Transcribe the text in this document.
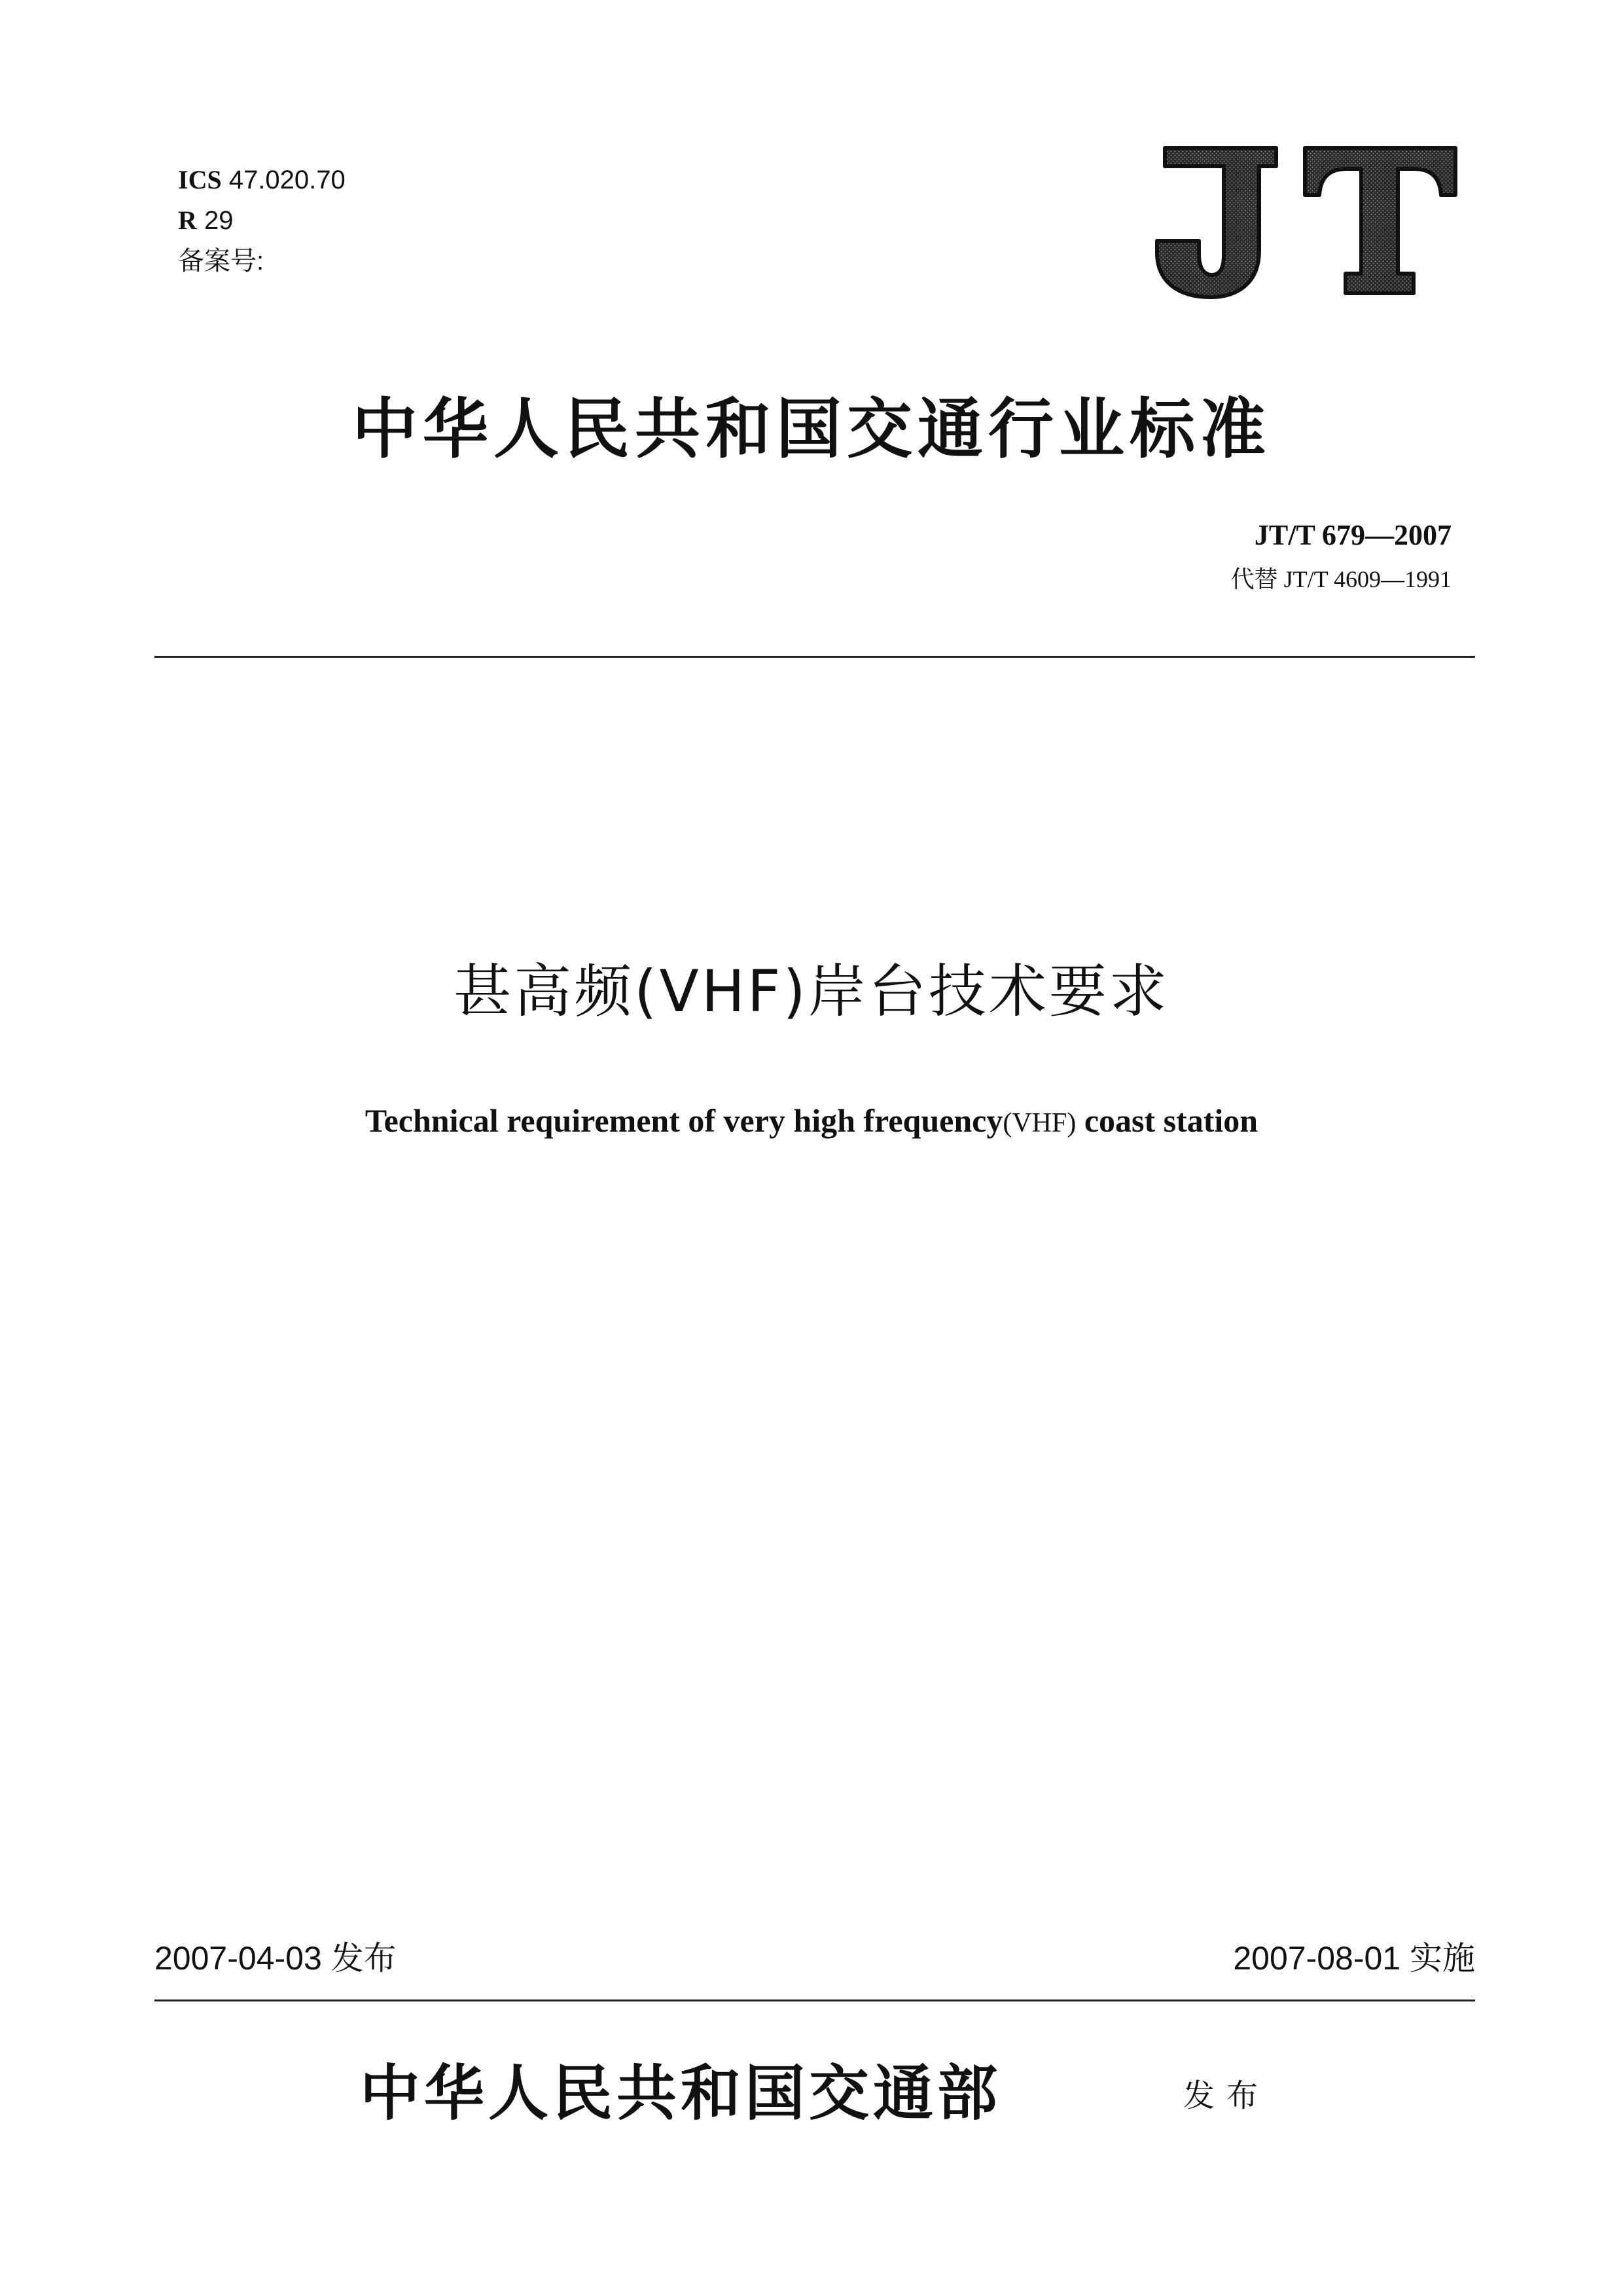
ICS 47.020.70
R 29
备案号:
中华人民共和国交通行业标准
JT/T 679—2007
代替 JT/T 4609—1991
甚高频(VHF)岸台技术要求
Technical requirement of very high frequency(VHF) coast station
2007-04-03 发布	2007-08-01 实施
中华人民共和国交通部	发布
